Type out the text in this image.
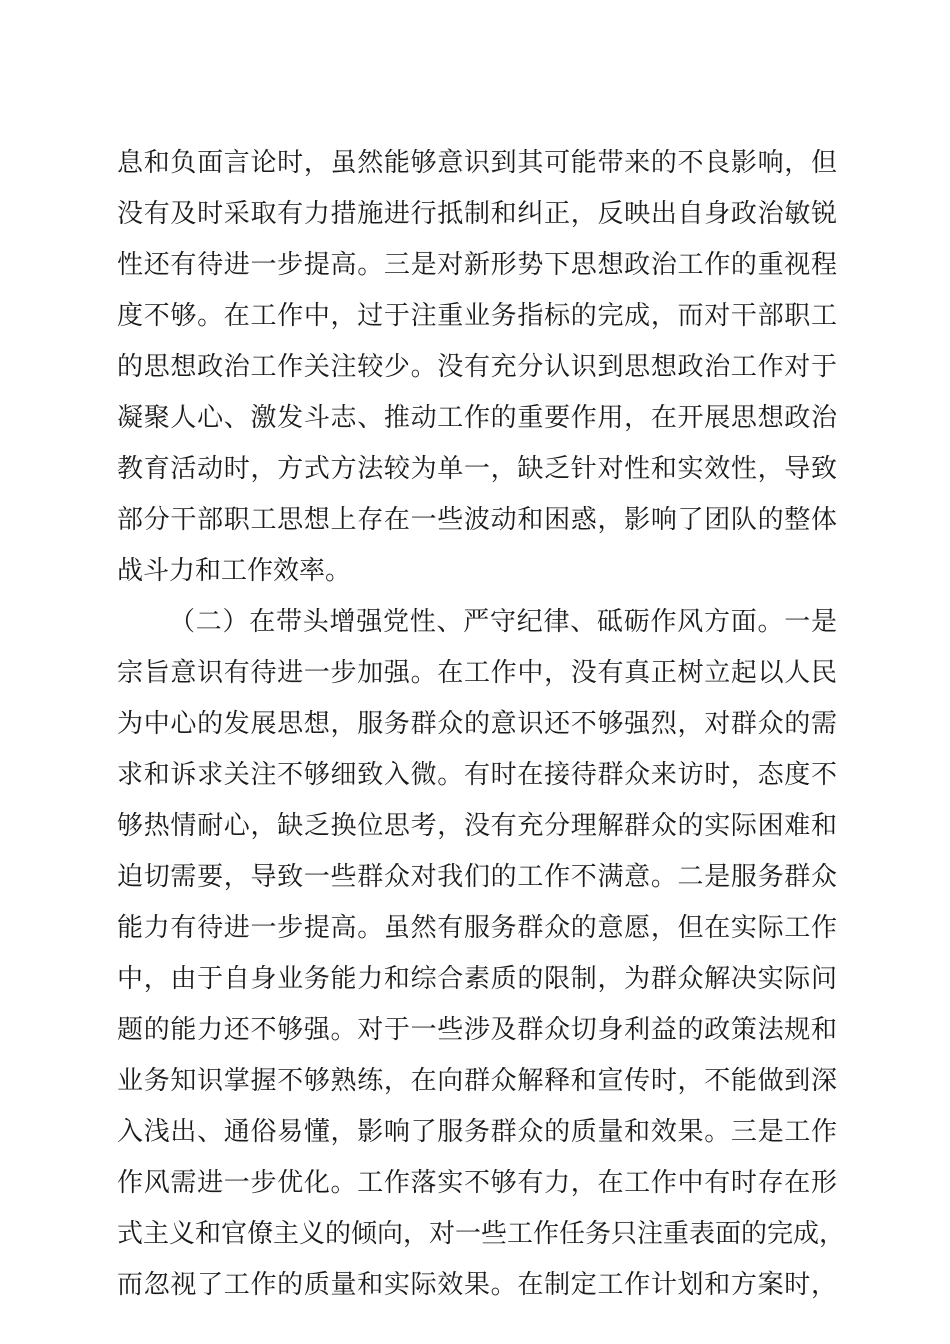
息和负面言论时，虽然能够意识到其可能带来的不良影响，但
没有及时采取有力措施进行抵制和纠正，反映出自身政治敏锐
性还有待进一步提高。三是对新形势下思想政治工作的重视程
度不够。在工作中，过于注重业务指标的完成，而对干部职工
的思想政治工作关注较少。没有充分认识到思想政治工作对于
凝聚人心、激发斗志、推动工作的重要作用，在开展思想政治
教育活动时，方式方法较为单一，缺乏针对性和实效性，导致
部分干部职工思想上存在一些波动和困惑，影响了团队的整体
战斗力和工作效率。
（二）在带头增强党性、严守纪律、砥砺作风方面。一是
宗旨意识有待进一步加强。在工作中，没有真正树立起以人民
为中心的发展思想，服务群众的意识还不够强烈，对群众的需
求和诉求关注不够细致入微。有时在接待群众来访时，态度不
够热情耐心，缺乏换位思考，没有充分理解群众的实际困难和
迫切需要，导致一些群众对我们的工作不满意。二是服务群众
能力有待进一步提高。虽然有服务群众的意愿，但在实际工作
中，由于自身业务能力和综合素质的限制，为群众解决实际问
题的能力还不够强。对于一些涉及群众切身利益的政策法规和
业务知识掌握不够熟练，在向群众解释和宣传时，不能做到深
入浅出、通俗易懂，影响了服务群众的质量和效果。三是工作
作风需进一步优化。工作落实不够有力，在工作中有时存在形
式主义和官僚主义的倾向，对一些工作任务只注重表面的完成，
而忽视了工作的质量和实际效果。在制定工作计划和方案时，
